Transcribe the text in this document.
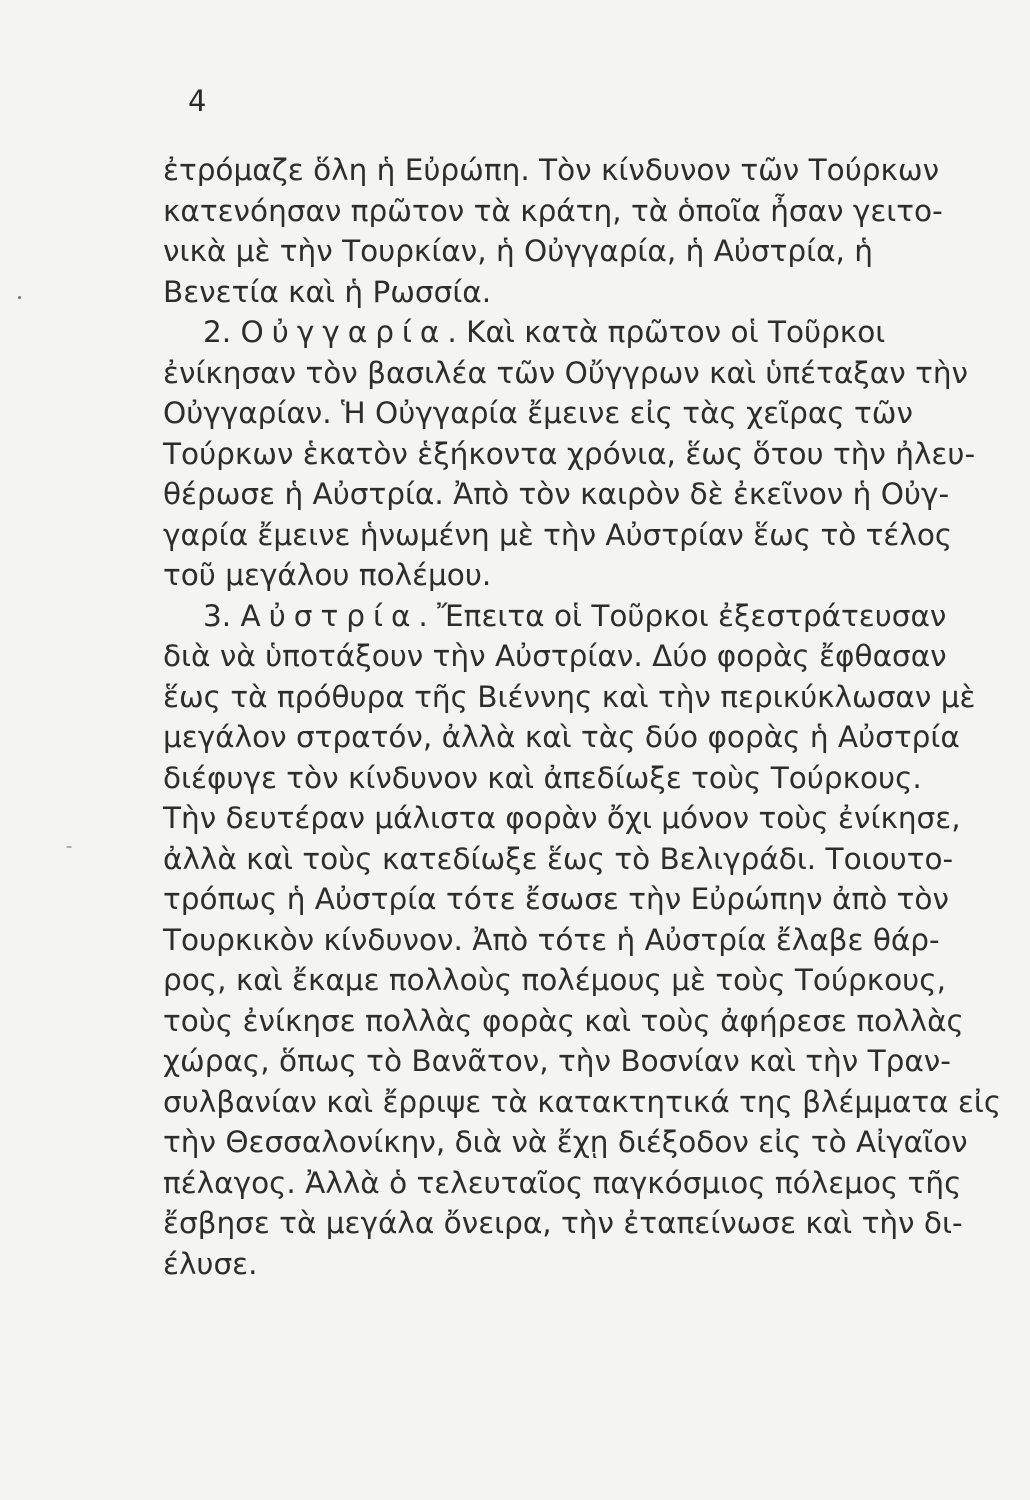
4
ἐτρόμαζε ὅλη ἡ Εὐρώπη. Τὸν κίνδυνον τῶν Τούρκων
κατενόησαν πρῶτον τὰ κράτη, τὰ ὁποῖα ἦσαν γειτο-
νικὰ μὲ τὴν Τουρκίαν, ἡ Οὐγγαρία, ἡ Αὐστρία, ἡ
Βενετία καὶ ἡ Ρωσσία.
2. Οὐγγαρία. Καὶ κατὰ πρῶτον οἱ Τοῦρκοι
ἐνίκησαν τὸν βασιλέα τῶν Οὔγγρων καὶ ὑπέταξαν τὴν
Οὐγγαρίαν. Ἡ Οὐγγαρία ἔμεινε εἰς τὰς χεῖρας τῶν
Τούρκων ἑκατὸν ἑξήκοντα χρόνια, ἕως ὅτου τὴν ἠλευ-
θέρωσε ἡ Αὐστρία. Ἀπὸ τὸν καιρὸν δὲ ἐκεῖνον ἡ Οὐγ-
γαρία ἔμεινε ἡνωμένη μὲ τὴν Αὐστρίαν ἕως τὸ τέλος
τοῦ μεγάλου πολέμου.
3. Αὐστρία. Ἔπειτα οἱ Τοῦρκοι ἐξεστράτευσαν
διὰ νὰ ὑποτάξουν τὴν Αὐστρίαν. Δύο φορὰς ἔφθασαν
ἕως τὰ πρόθυρα τῆς Βιέννης καὶ τὴν περικύκλωσαν μὲ
μεγάλον στρατόν, ἀλλὰ καὶ τὰς δύο φορὰς ἡ Αὐστρία
διέφυγε τὸν κίνδυνον καὶ ἀπεδίωξε τοὺς Τούρκους.
Τὴν δευτέραν μάλιστα φορὰν ὄχι μόνον τοὺς ἐνίκησε,
ἀλλὰ καὶ τοὺς κατεδίωξε ἕως τὸ Βελιγράδι. Τοιουτο-
τρόπως ἡ Αὐστρία τότε ἔσωσε τὴν Εὐρώπην ἀπὸ τὸν
Τουρκικὸν κίνδυνον. Ἀπὸ τότε ἡ Αὐστρία ἔλαβε θάρ-
ρος, καὶ ἔκαμε πολλοὺς πολέμους μὲ τοὺς Τούρκους,
τοὺς ἐνίκησε πολλὰς φορὰς καὶ τοὺς ἀφήρεσε πολλὰς
χώρας, ὅπως τὸ Βανᾶτον, τὴν Βοσνίαν καὶ τὴν Τραν-
συλβανίαν καὶ ἔρριψε τὰ κατακτητικά της βλέμματα εἰς
τὴν Θεσσαλονίκην, διὰ νὰ ἔχῃ διέξοδον εἰς τὸ Αἰγαῖον
πέλαγος. Ἀλλὰ ὁ τελευταῖος παγκόσμιος πόλεμος τῆς
ἔσβησε τὰ μεγάλα ὄνειρα, τὴν ἐταπείνωσε καὶ τὴν δι-
έλυσε.
